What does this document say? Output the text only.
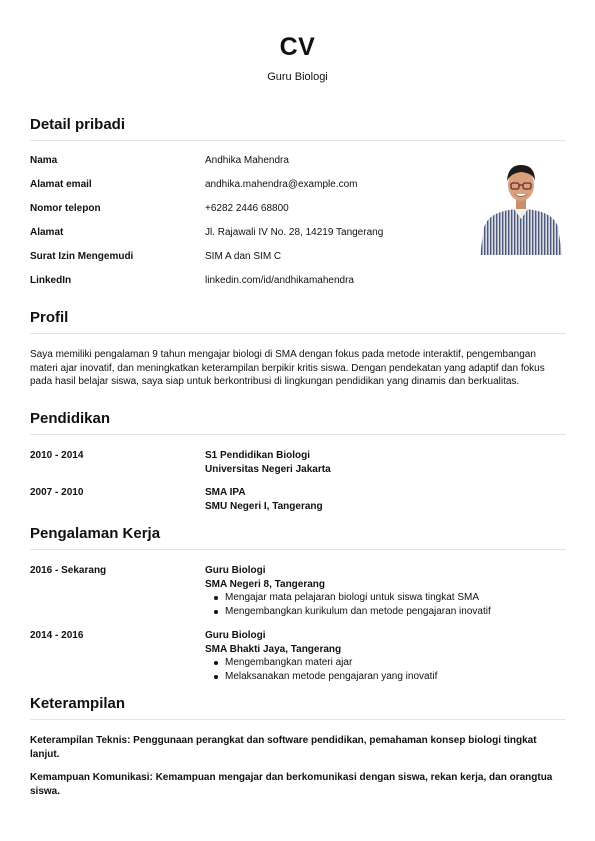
CV
Guru Biologi
Detail pribadi
Nama	Andhika Mahendra
Alamat email	andhika.mahendra@example.com
Nomor telepon	+6282 2446 68800
Alamat	Jl. Rajawali IV No. 28, 14219 Tangerang
Surat Izin Mengemudi	SIM A dan SIM C
LinkedIn	linkedin.com/id/andhikamahendra
Profil
Saya memiliki pengalaman 9 tahun mengajar biologi di SMA dengan fokus pada metode interaktif, pengembangan materi ajar inovatif, dan meningkatkan keterampilan berpikir kritis siswa. Dengan pendekatan yang adaptif dan fokus pada hasil belajar siswa, saya siap untuk berkontribusi di lingkungan pendidikan yang dinamis dan berkualitas.
Pendidikan
2010 - 2014	S1 Pendidikan Biologi
Universitas Negeri Jakarta
2007 - 2010	SMA IPA
SMU Negeri I, Tangerang
Pengalaman Kerja
2016 - Sekarang	Guru Biologi
SMA Negeri 8, Tangerang
Mengajar mata pelajaran biologi untuk siswa tingkat SMA
Mengembangkan kurikulum dan metode pengajaran inovatif
2014 - 2016	Guru Biologi
SMA Bhakti Jaya, Tangerang
Mengembangkan materi ajar
Melaksanakan metode pengajaran yang inovatif
Keterampilan
Keterampilan Teknis: Penggunaan perangkat dan software pendidikan, pemahaman konsep biologi tingkat lanjut.
Kemampuan Komunikasi: Kemampuan mengajar dan berkomunikasi dengan siswa, rekan kerja, dan orangtua siswa.
